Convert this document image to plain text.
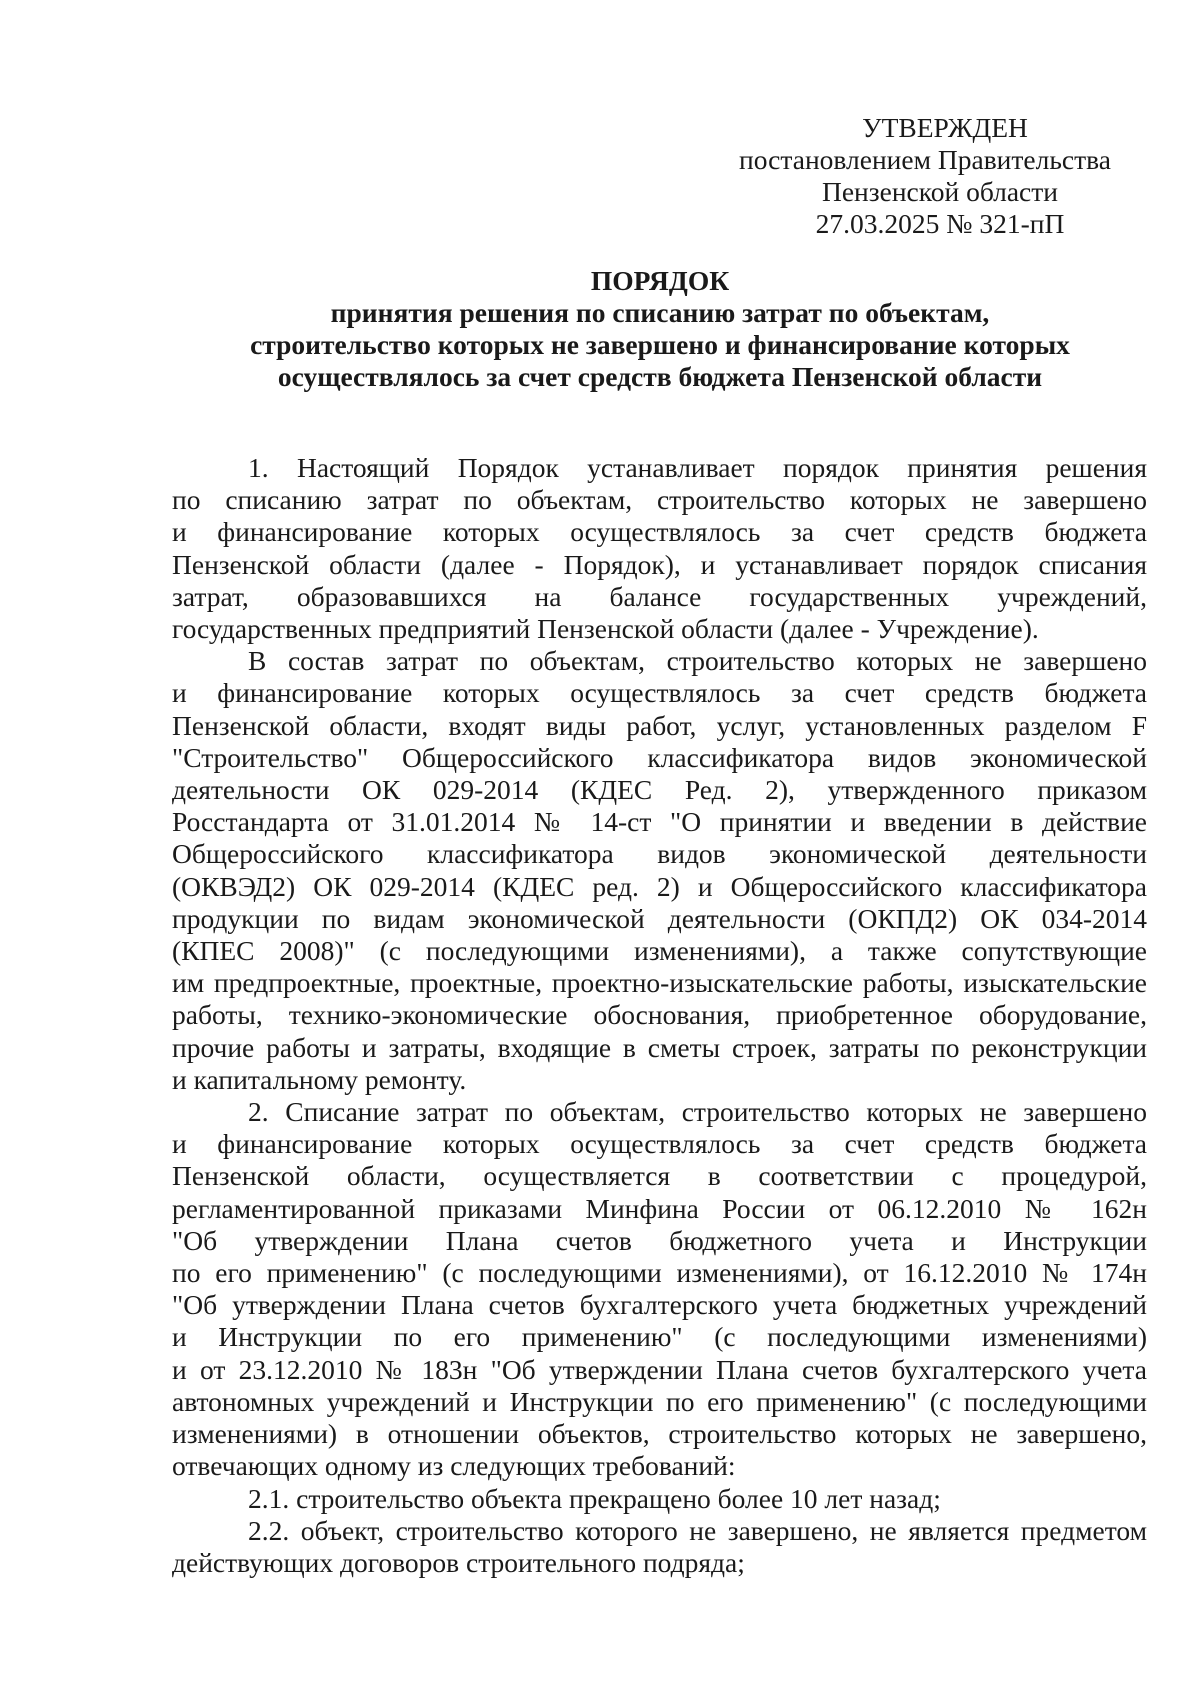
УТВЕРЖДЕН
постановлением Правительства
Пензенской области
27.03.2025 № 321-пП
ПОРЯДОК
принятия решения по списанию затрат по объектам,
строительство которых не завершено и финансирование которых
осуществлялось за счет средств бюджета Пензенской области
1. Настоящий Порядок устанавливает порядок принятия решения
по списанию затрат по объектам, строительство которых не завершено
и финансирование которых осуществлялось за счет средств бюджета
Пензенской области (далее - Порядок), и устанавливает порядок списания
затрат, образовавшихся на балансе государственных учреждений,
государственных предприятий Пензенской области (далее - Учреждение).
В состав затрат по объектам, строительство которых не завершено
и финансирование которых осуществлялось за счет средств бюджета
Пензенской области, входят виды работ, услуг, установленных разделом F
"Строительство" Общероссийского классификатора видов экономической
деятельности ОК 029-2014 (КДЕС Ред. 2), утвержденного приказом
Росстандарта от 31.01.2014 № 14-ст "О принятии и введении в действие
Общероссийского классификатора видов экономической деятельности
(ОКВЭД2) ОК 029-2014 (КДЕС ред. 2) и Общероссийского классификатора
продукции по видам экономической деятельности (ОКПД2) ОК 034-2014
(КПЕС 2008)" (с последующими изменениями), а также сопутствующие
им предпроектные, проектные, проектно-изыскательские работы, изыскательские
работы, технико-экономические обоснования, приобретенное оборудование,
прочие работы и затраты, входящие в сметы строек, затраты по реконструкции
и капитальному ремонту.
2. Списание затрат по объектам, строительство которых не завершено
и финансирование которых осуществлялось за счет средств бюджета
Пензенской области, осуществляется в соответствии с процедурой,
регламентированной приказами Минфина России от 06.12.2010 № 162н
"Об утверждении Плана счетов бюджетного учета и Инструкции
по его применению" (с последующими изменениями), от 16.12.2010 № 174н
"Об утверждении Плана счетов бухгалтерского учета бюджетных учреждений
и Инструкции по его применению" (с последующими изменениями)
и от 23.12.2010 № 183н "Об утверждении Плана счетов бухгалтерского учета
автономных учреждений и Инструкции по его применению" (с последующими
изменениями) в отношении объектов, строительство которых не завершено,
отвечающих одному из следующих требований:
2.1. строительство объекта прекращено более 10 лет назад;
2.2. объект, строительство которого не завершено, не является предметом
действующих договоров строительного подряда;
